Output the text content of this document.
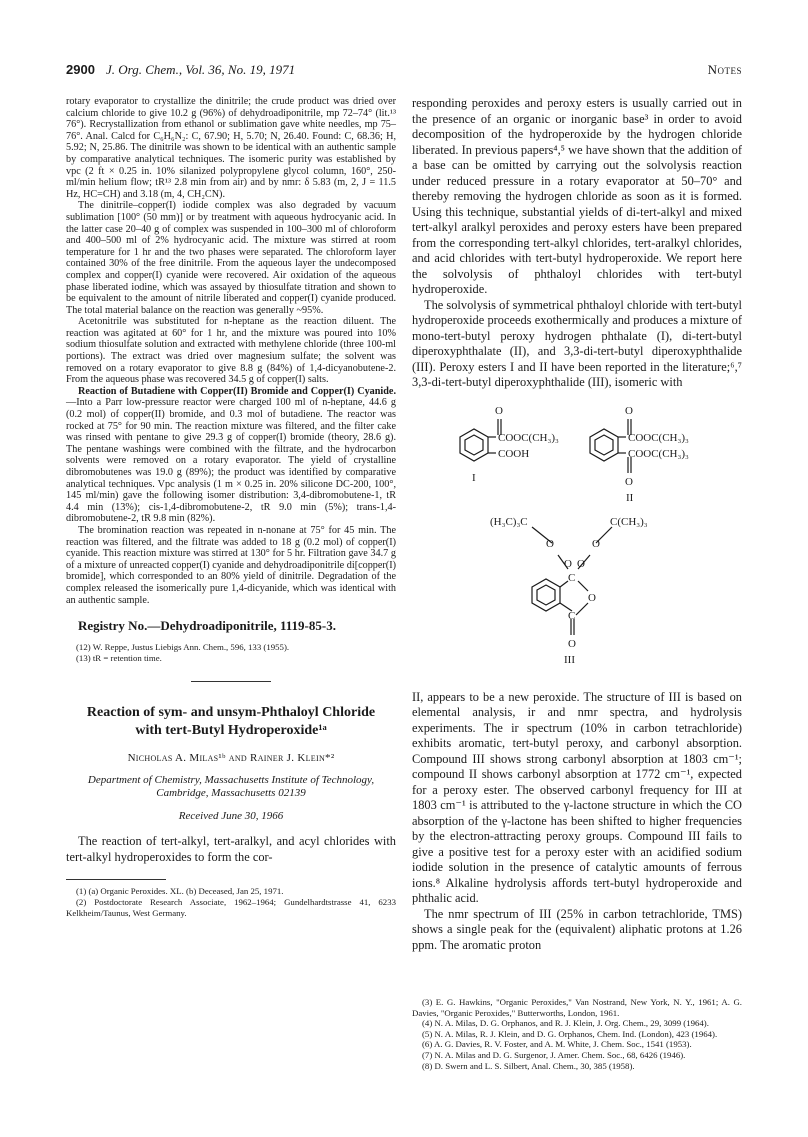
2900 J. Org. Chem., Vol. 36, No. 19, 1971	Notes

rotary evaporator to crystallize the dinitrile; the crude product was dried over calcium chloride to give 10.2 g (96%) of dehydroadiponitrile, mp 72–74° (lit.¹³ 76°). Recrystallization from ethanol or sublimation gave white needles, mp 75–76°. Anal. Calcd for C₆H₆N₂: C, 67.90; H, 5.70; N, 26.40. Found: C, 68.36; H, 5.92; N, 25.86. The dinitrile was shown to be identical with an authentic sample by comparative analytical techniques. The isomeric purity was established by vpc (2 ft × 0.25 in. 10% silanized polypropylene glycol column, 160°, 250-ml/min helium flow; tR¹³ 2.8 min from air) and by nmr: δ 5.83 (m, 2, J = 11.5 Hz, HC=CH) and 3.18 (m, 4, CH₂CN).

The dinitrile–copper(I) iodide complex was also degraded by vacuum sublimation [100° (50 mm)] or by treatment with aqueous hydrocyanic acid. In the latter case 20–40 g of complex was suspended in 100–300 ml of chloroform and 400–500 ml of 2% hydrocyanic acid. The mixture was stirred at room temperature for 1 hr and the two phases were separated. The chloroform layer contained 30% of the free dinitrile. From the aqueous layer the undecomposed complex and copper(I) cyanide were recovered. Air oxidation of the aqueous phase liberated iodine, which was assayed by thiosulfate titration and shown to be equivalent to the amount of nitrile liberated and copper(I) cyanide produced. The total material balance on the reaction was generally ~95%.

Acetonitrile was substituted for n-heptane as the reaction diluent. The reaction was agitated at 60° for 1 hr, and the mixture was poured into 10% sodium thiosulfate solution and extracted with methylene chloride (three 100-ml portions). The extract was dried over magnesium sulfate; the solvent was removed on a rotary evaporator to give 8.8 g (84%) of 1,4-dicyanobutene-2. From the aqueous phase was recovered 34.5 g of copper(I) salts.

Reaction of Butadiene with Copper(II) Bromide and Copper(I) Cyanide.—Into a Parr low-pressure reactor were charged 100 ml of n-heptane, 44.6 g (0.2 mol) of copper(II) bromide, and 0.3 mol of butadiene. The reactor was rocked at 75° for 90 min. The reaction mixture was filtered, and the filter cake was rinsed with pentane to give 29.3 g of copper(I) bromide (theory, 28.6 g). The pentane washings were combined with the filtrate, and the hydrocarbon solvents were removed on a rotary evaporator. The yield of crystalline dibromobutenes was 19.0 g (89%); the product was identified by comparative analytical techniques. Vpc analysis (1 m × 0.25 in. 20% silicone DC-200, 100°, 145 ml/min) gave the following isomer distribution: 3,4-dibromobutene-1, tR 4.4 min (13%); cis-1,4-dibromobutene-2, tR 9.0 min (5%); trans-1,4-dibromobutene-2, tR 9.8 min (82%).

The bromination reaction was repeated in n-nonane at 75° for 45 min. The reaction was filtered, and the filtrate was added to 18 g (0.2 mol) of copper(I) cyanide. This reaction mixture was stirred at 130° for 5 hr. Filtration gave 34.7 g of a mixture of unreacted copper(I) cyanide and dehydroadiponitrile di[copper(I) bromide], which corresponded to an 80% yield of dinitrile. Degradation of the complex released the isomerically pure 1,4-dicyanide, which was identical with an authentic sample.

Registry No.—Dehydroadiponitrile, 1119-85-3.

(12) W. Reppe, Justus Liebigs Ann. Chem., 596, 133 (1955).

(13) tR = retention time.

Reaction of sym- and unsym-Phthaloyl Chloride
with tert-Butyl Hydroperoxide¹ᵃ
Nicholas A. Milas¹ᵇ and Rainer J. Klein*²
Department of Chemistry, Massachusetts Institute of Technology,
Cambridge, Massachusetts 02139
Received June 30, 1966

The reaction of tert-alkyl, tert-aralkyl, and acyl chlorides with tert-alkyl hydroperoxides to form the cor-

(1) (a) Organic Peroxides. XL. (b) Deceased, Jan 25, 1971.

(2) Postdoctorate Research Associate, 1962–1964; Gundelhardtstrasse 41, 6233 Kelkheim/Taunus, West Germany.

responding peroxides and peroxy esters is usually carried out in the presence of an organic or inorganic base³ in order to avoid decomposition of the hydroperoxide by the hydrogen chloride liberated. In previous papers⁴,⁵ we have shown that the addition of a base can be omitted by carrying out the solvolysis reaction under reduced pressure in a rotary evaporator at 50–70° and thereby removing the hydrogen chloride as soon as it is formed. Using this technique, substantial yields of di-tert-alkyl and mixed tert-alkyl aralkyl peroxides and peroxy esters have been prepared from the corresponding tert-alkyl chlorides, tert-aralkyl chlorides, and acid chlorides with tert-butyl hydroperoxide. We report here the solvolysis of phthaloyl chlorides with tert-butyl hydroperoxide.

The solvolysis of symmetrical phthaloyl chloride with tert-butyl hydroperoxide proceeds exothermically and produces a mixture of mono-tert-butyl peroxy hydrogen phthalate (I), di-tert-butyl diperoxyphthalate (II), and 3,3-di-tert-butyl diperoxyphthalide (III). Peroxy esters I and II have been reported in the literature;⁶,⁷ 3,3-di-tert-butyl diperoxyphthalide (III), isomeric with

O
COOC(CH₃)₃
COOH
I
O
COOC(CH₃)₃
COOC(CH₃)₃
O
II
(H₃C)₃C	C(CH₃)₃
O	O
O O
C
O
C
O
III

II, appears to be a new peroxide. The structure of III is based on elemental analysis, ir and nmr spectra, and hydrolysis experiments. The ir spectrum (10% in carbon tetrachloride) exhibits aromatic, tert-butyl peroxy, and carbonyl absorption. Compound III shows strong carbonyl absorption at 1803 cm⁻¹; compound II shows carbonyl absorption at 1772 cm⁻¹, expected for a peroxy ester. The observed carbonyl frequency for III at 1803 cm⁻¹ is attributed to the γ-lactone structure in which the CO absorption of the γ-lactone has been shifted to higher frequencies by the electron-attracting peroxy groups. Compound III fails to give a positive test for a peroxy ester with an acidified sodium iodide solution in the presence of catalytic amounts of ferrous ions.⁸ Alkaline hydrolysis affords tert-butyl hydroperoxide and phthalic acid.

The nmr spectrum of III (25% in carbon tetrachloride, TMS) shows a single peak for the (equivalent) aliphatic protons at 1.26 ppm. The aromatic proton

(3) E. G. Hawkins, "Organic Peroxides," Van Nostrand, New York, N. Y., 1961; A. G. Davies, "Organic Peroxides," Butterworths, London, 1961.

(4) N. A. Milas, D. G. Orphanos, and R. J. Klein, J. Org. Chem., 29, 3099 (1964).

(5) N. A. Milas, R. J. Klein, and D. G. Orphanos, Chem. Ind. (London), 423 (1964).

(6) A. G. Davies, R. V. Foster, and A. M. White, J. Chem. Soc., 1541 (1953).

(7) N. A. Milas and D. G. Surgenor, J. Amer. Chem. Soc., 68, 6426 (1946).

(8) D. Swern and L. S. Silbert, Anal. Chem., 30, 385 (1958).
